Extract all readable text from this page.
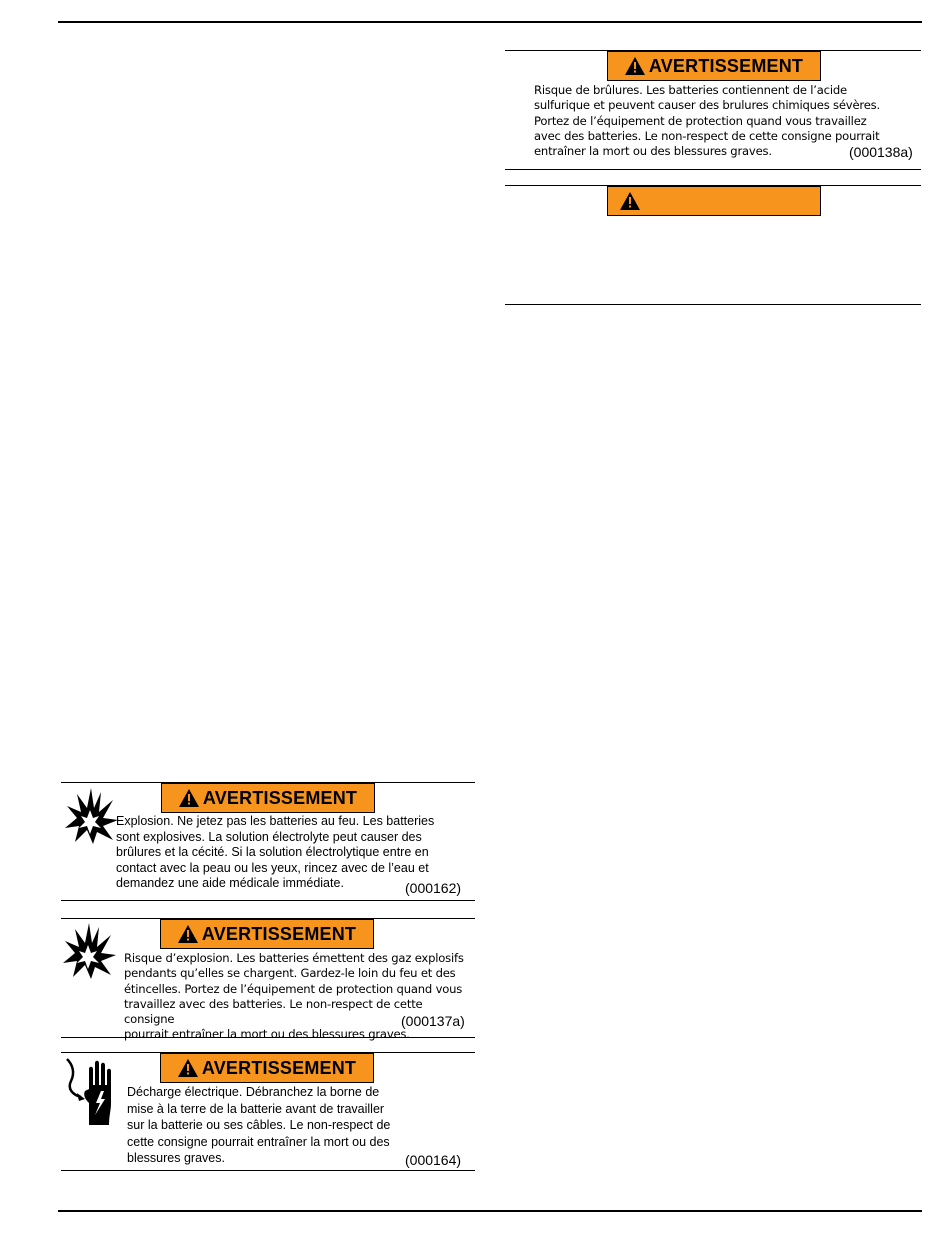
AVERTISSEMENT
Risque de brûlures. Les batteries contiennent de l’acide
sulfurique et peuvent causer des brulures chimiques sévères.
Portez de l’équipement de protection quand vous travaillez
avec des batteries. Le non-respect de cette consigne pourrait
entraîner la mort ou des blessures graves.	(000138a)
AVERTISSEMENT
Explosion. Ne jetez pas les batteries au feu. Les batteries
sont explosives. La solution électrolyte peut causer des
brûlures et la cécité. Si la solution électrolytique entre en
contact avec la peau ou les yeux, rincez avec de l’eau et
demandez une aide médicale immédiate.	(000162)
AVERTISSEMENT
Risque d’explosion. Les batteries émettent des gaz explosifs
pendants qu’elles se chargent. Gardez-le loin du feu et des
étincelles. Portez de l’équipement de protection quand vous
travaillez avec des batteries. Le non-respect de cette consigne
pourrait entraîner la mort ou des blessures graves.
(000137a)
AVERTISSEMENT
Décharge électrique. Débranchez la borne de
mise à la terre de la batterie avant de travailler
sur la batterie ou ses câbles. Le non-respect de
cette consigne pourrait entraîner la mort ou des
blessures graves.	(000164)
